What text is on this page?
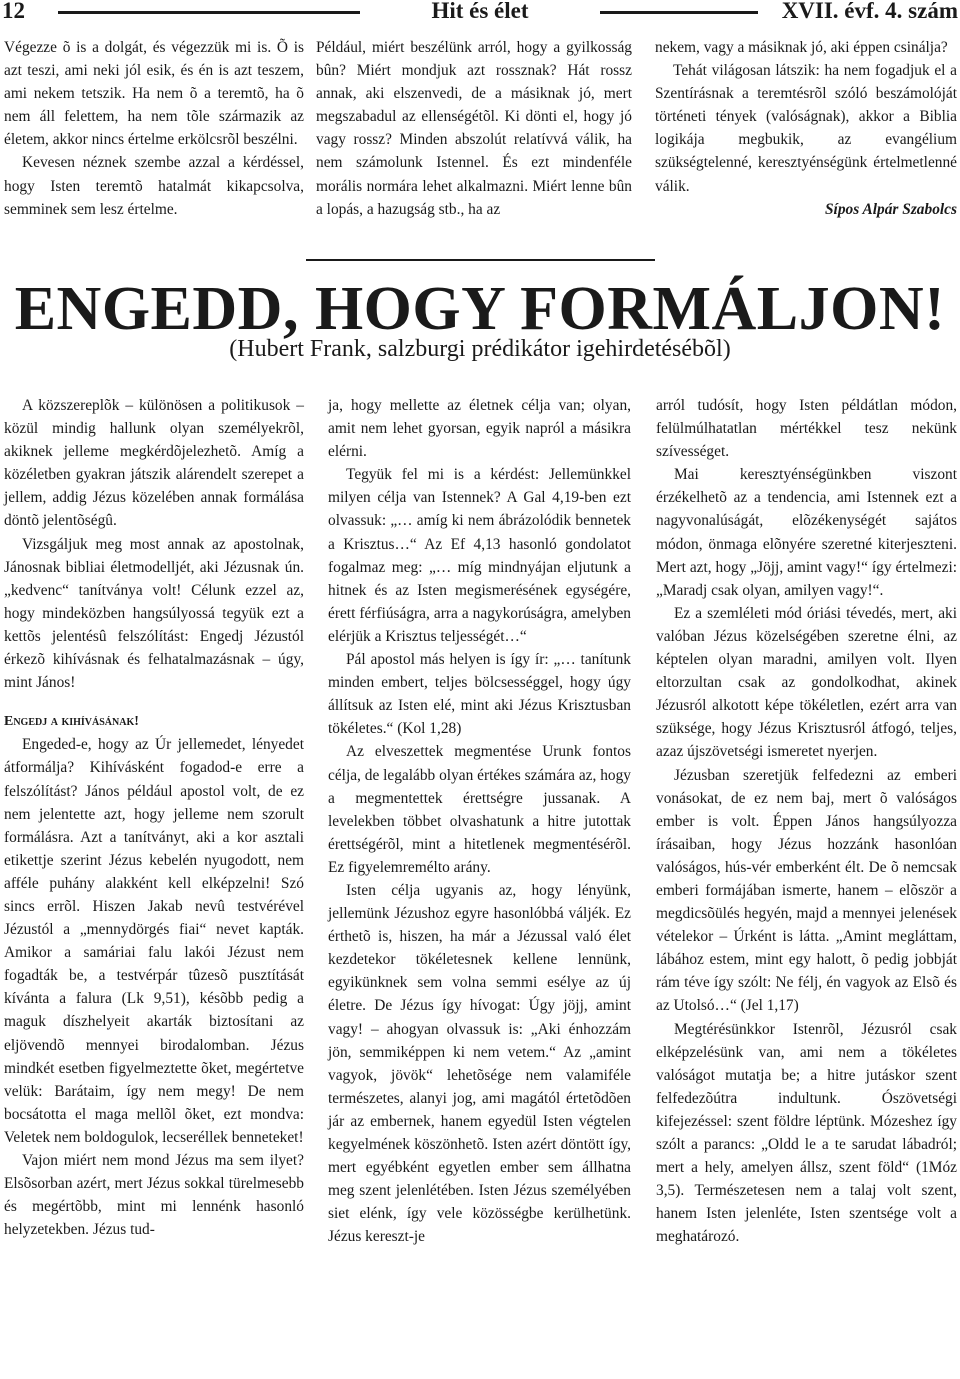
12	Hit és élet	XVII. évf. 4. szám

Végezze õ is a dolgát, és végezzük mi is. Õ is azt teszi, ami neki jól esik, és én is azt teszem, ami nekem tetszik. Ha nem õ a teremtõ, ha õ nem áll felettem, ha nem tõle származik az életem, akkor nincs értelme erkölcsrõl beszélni.

Kevesen néznek szembe azzal a kérdéssel, hogy Isten teremtõ hatalmát kikapcsolva, semminek sem lesz értelme.

Például, miért beszélünk arról, hogy a gyilkosság bûn? Miért mondjuk azt rossznak? Hát rossz annak, aki elszenvedi, de a másiknak jó, mert megszabadul az ellenségétõl. Ki dönti el, hogy jó vagy rossz? Minden abszolút relatívvá válik, ha nem számolunk Istennel. És ezt mindenféle morális normára lehet alkalmazni. Miért lenne bûn a lopás, a hazugság stb., ha az

nekem, vagy a másiknak jó, aki éppen csinálja?

Tehát világosan látszik: ha nem fogadjuk el a Szentírásnak a teremtésrõl szóló beszámolóját történeti tények (valóságnak), akkor a Biblia logikája megbukik, az evangélium szükségtelenné, keresztyénségünk értelmetlenné válik.

Sípos Alpár Szabolcs

ENGEDD, HOGY FORMÁLJON!
(Hubert Frank, salzburgi prédikátor igehirdetésébõl)

A közszereplõk – különösen a politikusok – közül mindig hallunk olyan személyekrõl, akiknek jelleme megkérdõjelezhetõ. Amíg a közéletben gyakran játszik alárendelt szerepet a jellem, addig Jézus közelében annak formálása döntõ jelentõségû.

Vizsgáljuk meg most annak az apostolnak, Jánosnak bibliai életmodelljét, aki Jézusnak ún. „kedvenc“ tanítványa volt! Célunk ezzel az, hogy mindeközben hangsúlyossá tegyük ezt a kettõs jelentésû felszólítást: Engedj Jézustól érkezõ kihívásnak és felhatalmazásnak – úgy, mint János!

Engedj a kihívásának!

Engeded-e, hogy az Úr jellemedet, lényedet átformálja? Kihívásként fogadod-e erre a felszólítást? János például apostol volt, de ez nem jelentette azt, hogy jelleme nem szorult formálásra. Azt a tanítványt, aki a kor asztali etikettje szerint Jézus kebelén nyugodott, nem afféle puhány alakként kell elképzelni! Szó sincs errõl. Hiszen Jakab nevû testvérével Jézustól a „mennydörgés fiai“ nevet kapták. Amikor a samáriai falu lakói Jézust nem fogadták be, a testvérpár tûzesõ pusztítását kívánta a falura (Lk 9,51), késõbb pedig a maguk díszhelyeit akarták biztosítani az eljövendõ mennyei birodalomban. Jézus mindkét esetben figyelmeztette õket, megértetve velük: Barátaim, így nem megy! De nem bocsátotta el maga mellõl õket, ezt mondva: Veletek nem boldogulok, lecseréllek benneteket!

Vajon miért nem mond Jézus ma sem ilyet? Elsõsorban azért, mert Jézus sokkal türelmesebb és megértõbb, mint mi lennénk hasonló helyzetekben. Jézus tud-

ja, hogy mellette az életnek célja van; olyan, amit nem lehet gyorsan, egyik napról a másikra elérni.

Tegyük fel mi is a kérdést: Jellemünkkel milyen célja van Istennek? A Gal 4,19-ben ezt olvassuk: „… amíg ki nem ábrázolódik bennetek a Krisztus…“ Az Ef 4,13 hasonló gondolatot fogalmaz meg: „… míg mindnyájan eljutunk a hitnek és az Isten megismerésének egységére, érett férfiúságra, arra a nagykorúságra, amelyben elérjük a Krisztus teljességét…“

Pál apostol más helyen is így ír: „… tanítunk minden embert, teljes bölcsességgel, hogy úgy állítsuk az Isten elé, mint aki Jézus Krisztusban tökéletes.“ (Kol 1,28)

Az elveszettek megmentése Urunk fontos célja, de legalább olyan értékes számára az, hogy a megmentettek érettségre jussanak. A levelekben többet olvashatunk a hitre jutottak érettségérõl, mint a hitetlenek megmentésérõl. Ez figyelemremélto arány.

Isten célja ugyanis az, hogy lényünk, jellemünk Jézushoz egyre hasonlóbbá váljék. Ez érthetõ is, hiszen, ha már a Jézussal való élet kezdetekor tökéletesnek kellene lennünk, egyikünknek sem volna semmi esélye az új életre. De Jézus így hívogat: Úgy jöjj, amint vagy! – ahogyan olvassuk is: „Aki énhozzám jön, semmiképpen ki nem vetem.“ Az „amint vagyok, jövök“ lehetõsége nem valamiféle természetes, alanyi jog, ami magától értetõdõen jár az embernek, hanem egyedül Isten végtelen kegyelmének köszönhetõ. Isten azért döntött így, mert egyébként egyetlen ember sem állhatna meg szent jelenlétében. Isten Jézus személyében siet elénk, így vele közösségbe kerülhetünk. Jézus kereszt-je

arról tudósít, hogy Isten példátlan módon, felülmúlhatatlan mértékkel tesz nekünk szívességet.

Mai keresztyénségünkben viszont érzékelhetõ az a tendencia, ami Istennek ezt a nagyvonalúságát, elõzékenységét sajátos módon, önmaga elõnyére szeretné kiterjeszteni. Mert azt, hogy „Jöjj, amint vagy!“ így értelmezi: „Maradj csak olyan, amilyen vagy!“.

Ez a szemléleti mód óriási tévedés, mert, aki valóban Jézus közelségében szeretne élni, az képtelen olyan maradni, amilyen volt. Ilyen eltorzultan csak az gondolkodhat, akinek Jézusról alkotott képe tökéletlen, ezért arra van szüksége, hogy Jézus Krisztusról átfogó, teljes, azaz újszövetségi ismeretet nyerjen.

Jézusban szeretjük felfedezni az emberi vonásokat, de ez nem baj, mert õ valóságos ember is volt. Éppen János hangsúlyozza írásaiban, hogy Jézus hozzánk hasonlóan valóságos, hús-vér emberként élt. De õ nemcsak emberi formájában ismerte, hanem – elõször a megdicsõülés hegyén, majd a mennyei jelenések vételekor – Úrként is látta. „Amint megláttam, lábához estem, mint egy halott, õ pedig jobbját rám téve így szólt: Ne félj, én vagyok az Elsõ és az Utolsó…“ (Jel 1,17)

Megtérésünkkor Istenrõl, Jézusról csak elképzelésünk van, ami nem a tökéletes valóságot mutatja be; a hitre jutáskor szent felfedezõútra indultunk. Ószövetségi kifejezéssel: szent földre léptünk. Mózeshez így szólt a parancs: „Oldd le a te sarudat lábadról; mert a hely, amelyen állsz, szent föld“ (1Móz 3,5). Természetesen nem a talaj volt szent, hanem Isten jelenléte, Isten szentsége volt a meghatározó.
